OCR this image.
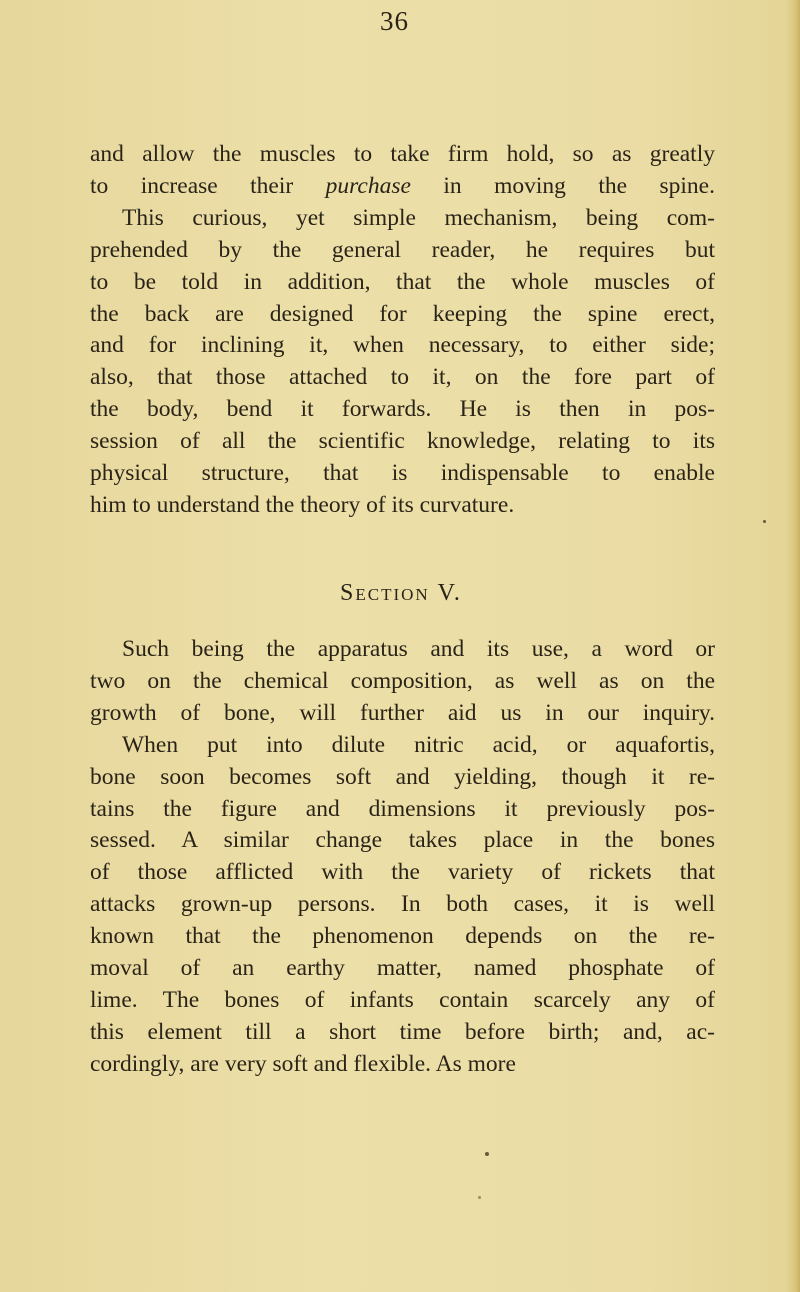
36
and allow the muscles to take firm hold, so as greatly
to increase their purchase in moving the spine.
This curious, yet simple mechanism, being com-
prehended by the general reader, he requires but
to be told in addition, that the whole muscles of
the back are designed for keeping the spine erect,
and for inclining it, when necessary, to either side;
also, that those attached to it, on the fore part of
the body, bend it forwards. He is then in pos-
session of all the scientific knowledge, relating to its
physical structure, that is indispensable to enable
him to understand the theory of its curvature.
Section V.
Such being the apparatus and its use, a word or
two on the chemical composition, as well as on the
growth of bone, will further aid us in our inquiry.
When put into dilute nitric acid, or aquafortis,
bone soon becomes soft and yielding, though it re-
tains the figure and dimensions it previously pos-
sessed. A similar change takes place in the bones
of those afflicted with the variety of rickets that
attacks grown-up persons. In both cases, it is well
known that the phenomenon depends on the re-
moval of an earthy matter, named phosphate of
lime. The bones of infants contain scarcely any of
this element till a short time before birth; and, ac-
cordingly, are very soft and flexible. As more
